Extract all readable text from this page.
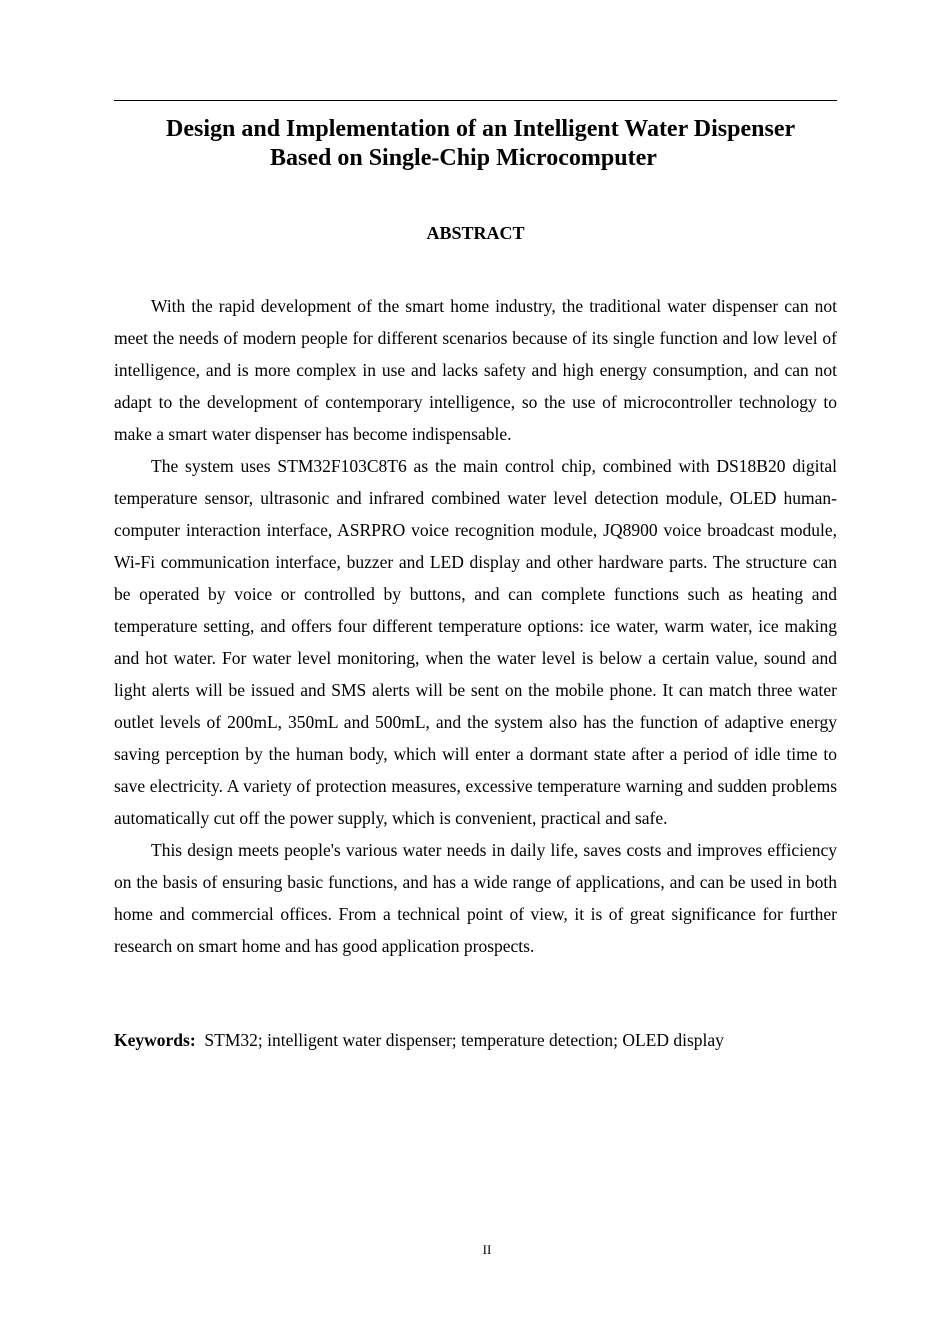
Design and Implementation of an Intelligent Water Dispenser
Based on Single-Chip Microcomputer
ABSTRACT

With the rapid development of the smart home industry, the traditional water dispenser can not meet the needs of modern people for different scenarios because of its single function and low level of intelligence, and is more complex in use and lacks safety and high energy consumption, and can not adapt to the development of contemporary intelligence, so the use of microcontroller technology to make a smart water dispenser has become indispensable.

The system uses STM32F103C8T6 as the main control chip, combined with DS18B20 digital temperature sensor, ultrasonic and infrared combined water level detection module, OLED human-computer interaction interface, ASRPRO voice recognition module, JQ8900 voice broadcast module, Wi-Fi communication interface, buzzer and LED display and other hardware parts. The structure can be operated by voice or controlled by buttons, and can complete functions such as heating and temperature setting, and offers four different temperature options: ice water, warm water, ice making and hot water. For water level monitoring, when the water level is below a certain value, sound and light alerts will be issued and SMS alerts will be sent on the mobile phone. It can match three water outlet levels of 200mL, 350mL and 500mL, and the system also has the function of adaptive energy saving perception by the human body, which will enter a dormant state after a period of idle time to save electricity. A variety of protection measures, excessive temperature warning and sudden problems automatically cut off the power supply, which is convenient, practical and safe.

This design meets people's various water needs in daily life, saves costs and improves efficiency on the basis of ensuring basic functions, and has a wide range of applications, and can be used in both home and commercial offices. From a technical point of view, it is of great significance for further research on smart home and has good application prospects.

Keywords: STM32; intelligent water dispenser; temperature detection; OLED display

II
